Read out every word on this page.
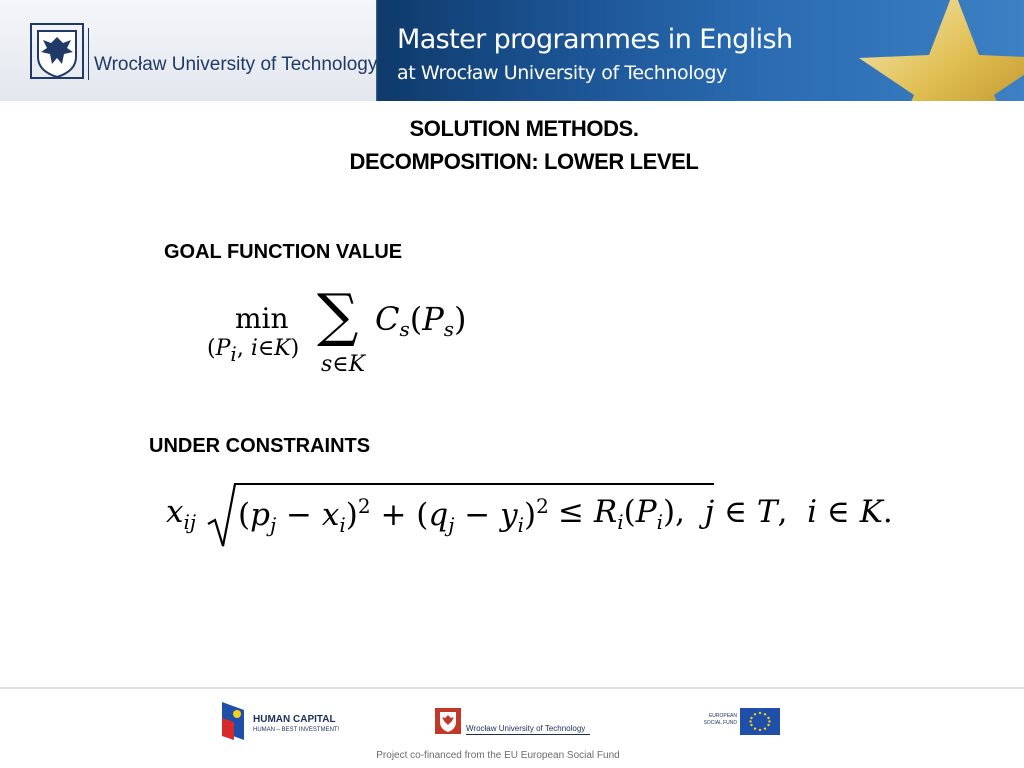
Wrocław University of Technology
Master programmes in English
at Wrocław University of Technology
SOLUTION METHODS.
DECOMPOSITION: LOWER LEVEL
GOAL FUNCTION VALUE
min
($P_i$, i∈K) ∑
s∈K
$C_s(P_s)$
UNDER CONSTRAINTS
$x_{ij}$ $(p_j - x_i)^2 + (q_j - y_i)^2 \le R_i(P_i)$,  j ∈ T,  i ∈ K.
HUMAN CAPITAL
HUMAN – BEST INVESTMENT!	Wrocław University of Technology
EUROPEAN
SOCIAL FUND
Project co-financed from the EU European Social Fund
